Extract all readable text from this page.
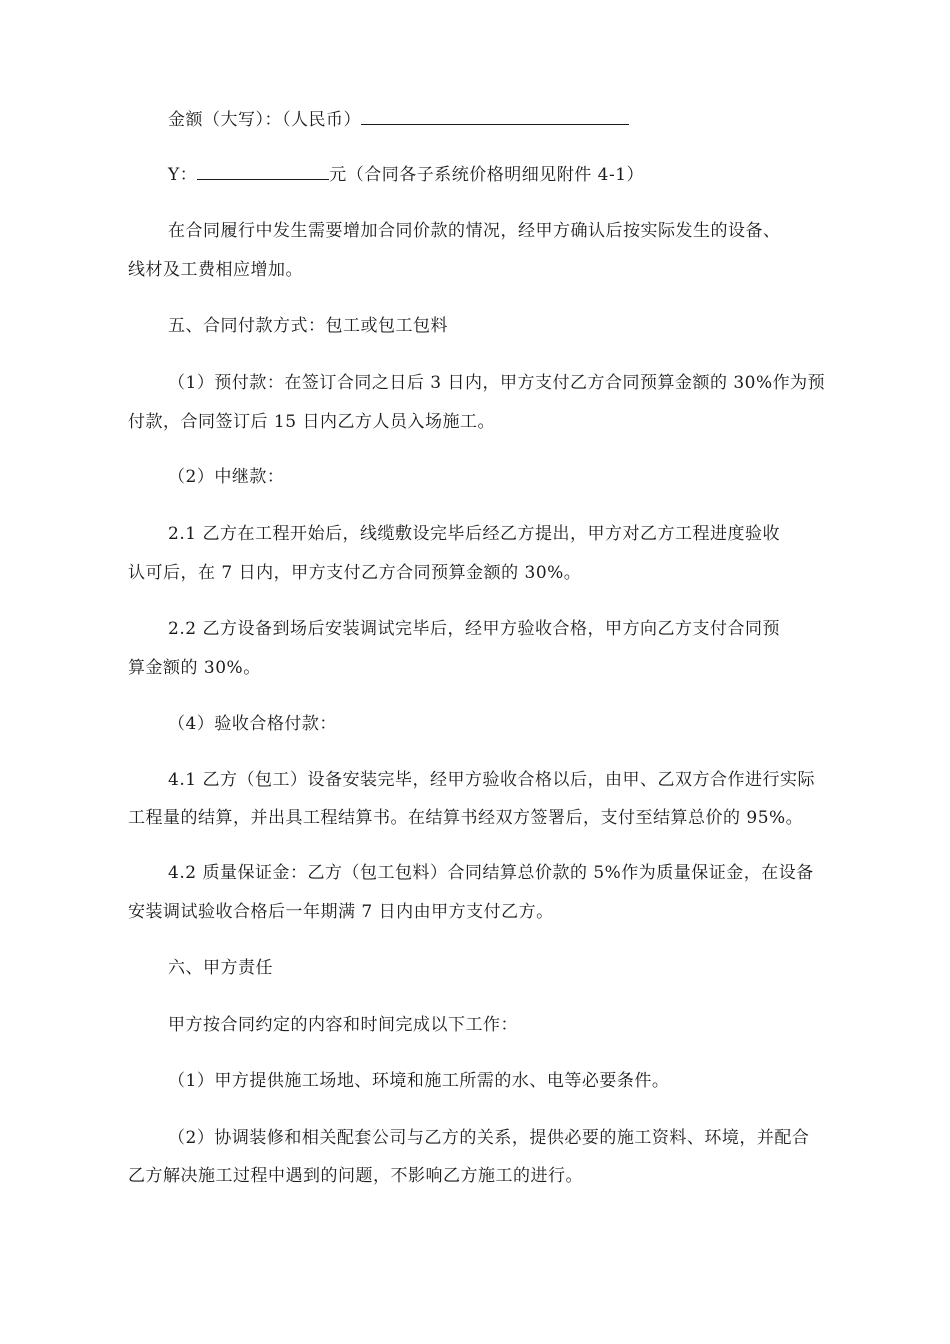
金额（大写）：（人民币）
Y：	元（合同各子系统价格明细见附件 4-1）
在合同履行中发生需要增加合同价款的情况，经甲方确认后按实际发生的设备、
线材及工费相应增加。
五、合同付款方式：包工或包工包料
（1）预付款：在签订合同之日后 3 日内，甲方支付乙方合同预算金额的 30%作为预
付款，合同签订后 15 日内乙方人员入场施工。
（2）中继款：
2.1 乙方在工程开始后，线缆敷设完毕后经乙方提出，甲方对乙方工程进度验收
认可后，在 7 日内，甲方支付乙方合同预算金额的 30%。
2.2 乙方设备到场后安装调试完毕后，经甲方验收合格，甲方向乙方支付合同预
算金额的 30%。
（4）验收合格付款：
4.1 乙方（包工）设备安装完毕，经甲方验收合格以后，由甲、乙双方合作进行实际
工程量的结算，并出具工程结算书。在结算书经双方签署后，支付至结算总价的 95%。
4.2 质量保证金：乙方（包工包料）合同结算总价款的 5%作为质量保证金，在设备
安装调试验收合格后一年期满 7 日内由甲方支付乙方。
六、甲方责任
甲方按合同约定的内容和时间完成以下工作：
（1）甲方提供施工场地、环境和施工所需的水、电等必要条件。
（2）协调装修和相关配套公司与乙方的关系，提供必要的施工资料、环境，并配合
乙方解决施工过程中遇到的问题，不影响乙方施工的进行。
